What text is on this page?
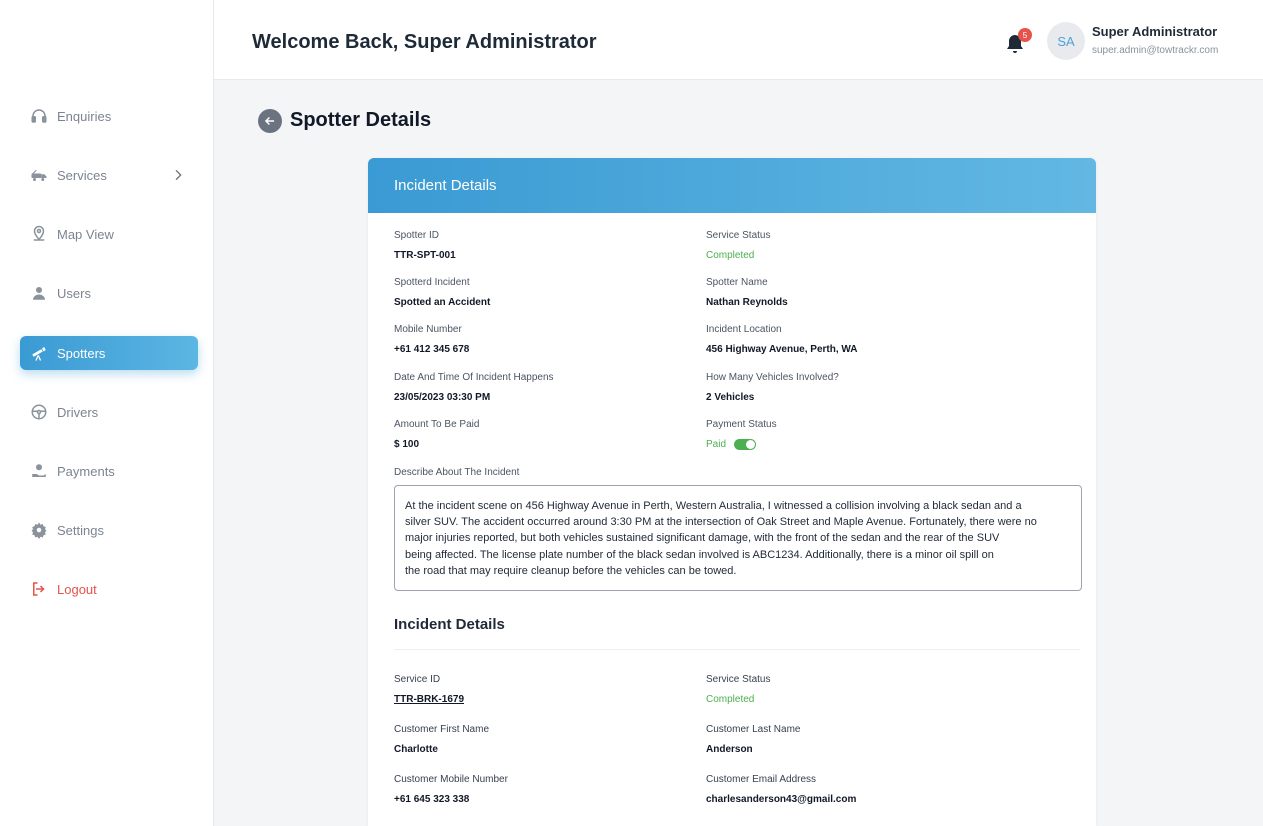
Enquiries
Services
Map View
Users
Spotters
Drivers
Payments
Settings
Logout
Welcome Back, Super Administrator	5	SA
Super Administrator
super.admin@towtrackr.com
Spotter Details
Incident Details
Spotter ID
TTR-SPT-001
Service Status
Completed
Spotterd Incident
Spotted an Accident
Spotter Name
Nathan Reynolds
Mobile Number
+61 412 345 678
Incident Location
456 Highway Avenue, Perth, WA
Date And Time Of Incident Happens
23/05/2023 03:30 PM
How Many Vehicles Involved?
2 Vehicles
Amount To Be Paid
$ 100
Payment Status
Paid
Describe About The Incident
At the incident scene on 456 Highway Avenue in Perth, Western Australia, I witnessed a collision involving a black sedan and a
silver SUV. The accident occurred around 3:30 PM at the intersection of Oak Street and Maple Avenue. Fortunately, there were no
major injuries reported, but both vehicles sustained significant damage, with the front of the sedan and the rear of the SUV
being affected. The license plate number of the black sedan involved is ABC1234. Additionally, there is a minor oil spill on
the road that may require cleanup before the vehicles can be towed.
Incident Details
Service ID
TTR-BRK-1679
Service Status
Completed
Customer First Name
Charlotte
Customer Last Name
Anderson
Customer Mobile Number
+61 645 323 338
Customer Email Address
charlesanderson43@gmail.com
